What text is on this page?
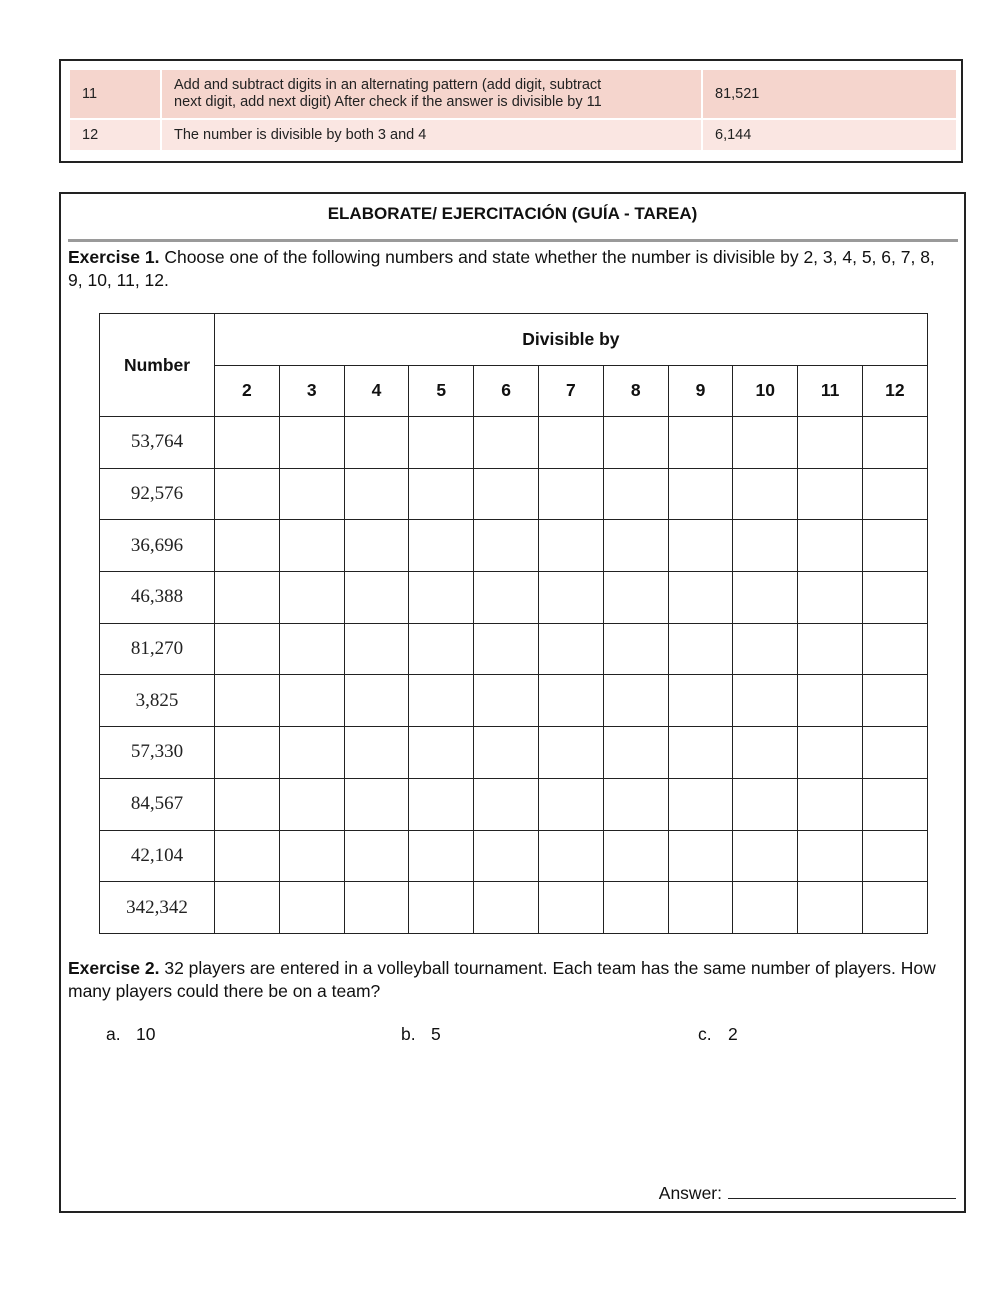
11	Add and subtract digits in an alternating pattern (add digit, subtract
next digit, add next digit) After check if the answer is divisible by 11	81,521
12	The number is divisible by both 3 and 4	6,144
ELABORATE/ EJERCITACIÓN (GUÍA - TAREA)
Exercise 1. Choose one of the following numbers and state whether the number is divisible by 2, 3, 4, 5, 6, 7, 8, 9, 10, 11, 12.
Number	Divisible by										
	2	3	4	5	6	7	8	9	10	11	12
53,764											
92,576											
36,696											
46,388											
81,270											
3,825											
57,330											
84,567											
42,104											
342,342											
Exercise 2. 32 players are entered in a volleyball tournament. Each team has the same number of players. How many players could there be on a team?
a. 10	b. 5	c. 2
Answer:
